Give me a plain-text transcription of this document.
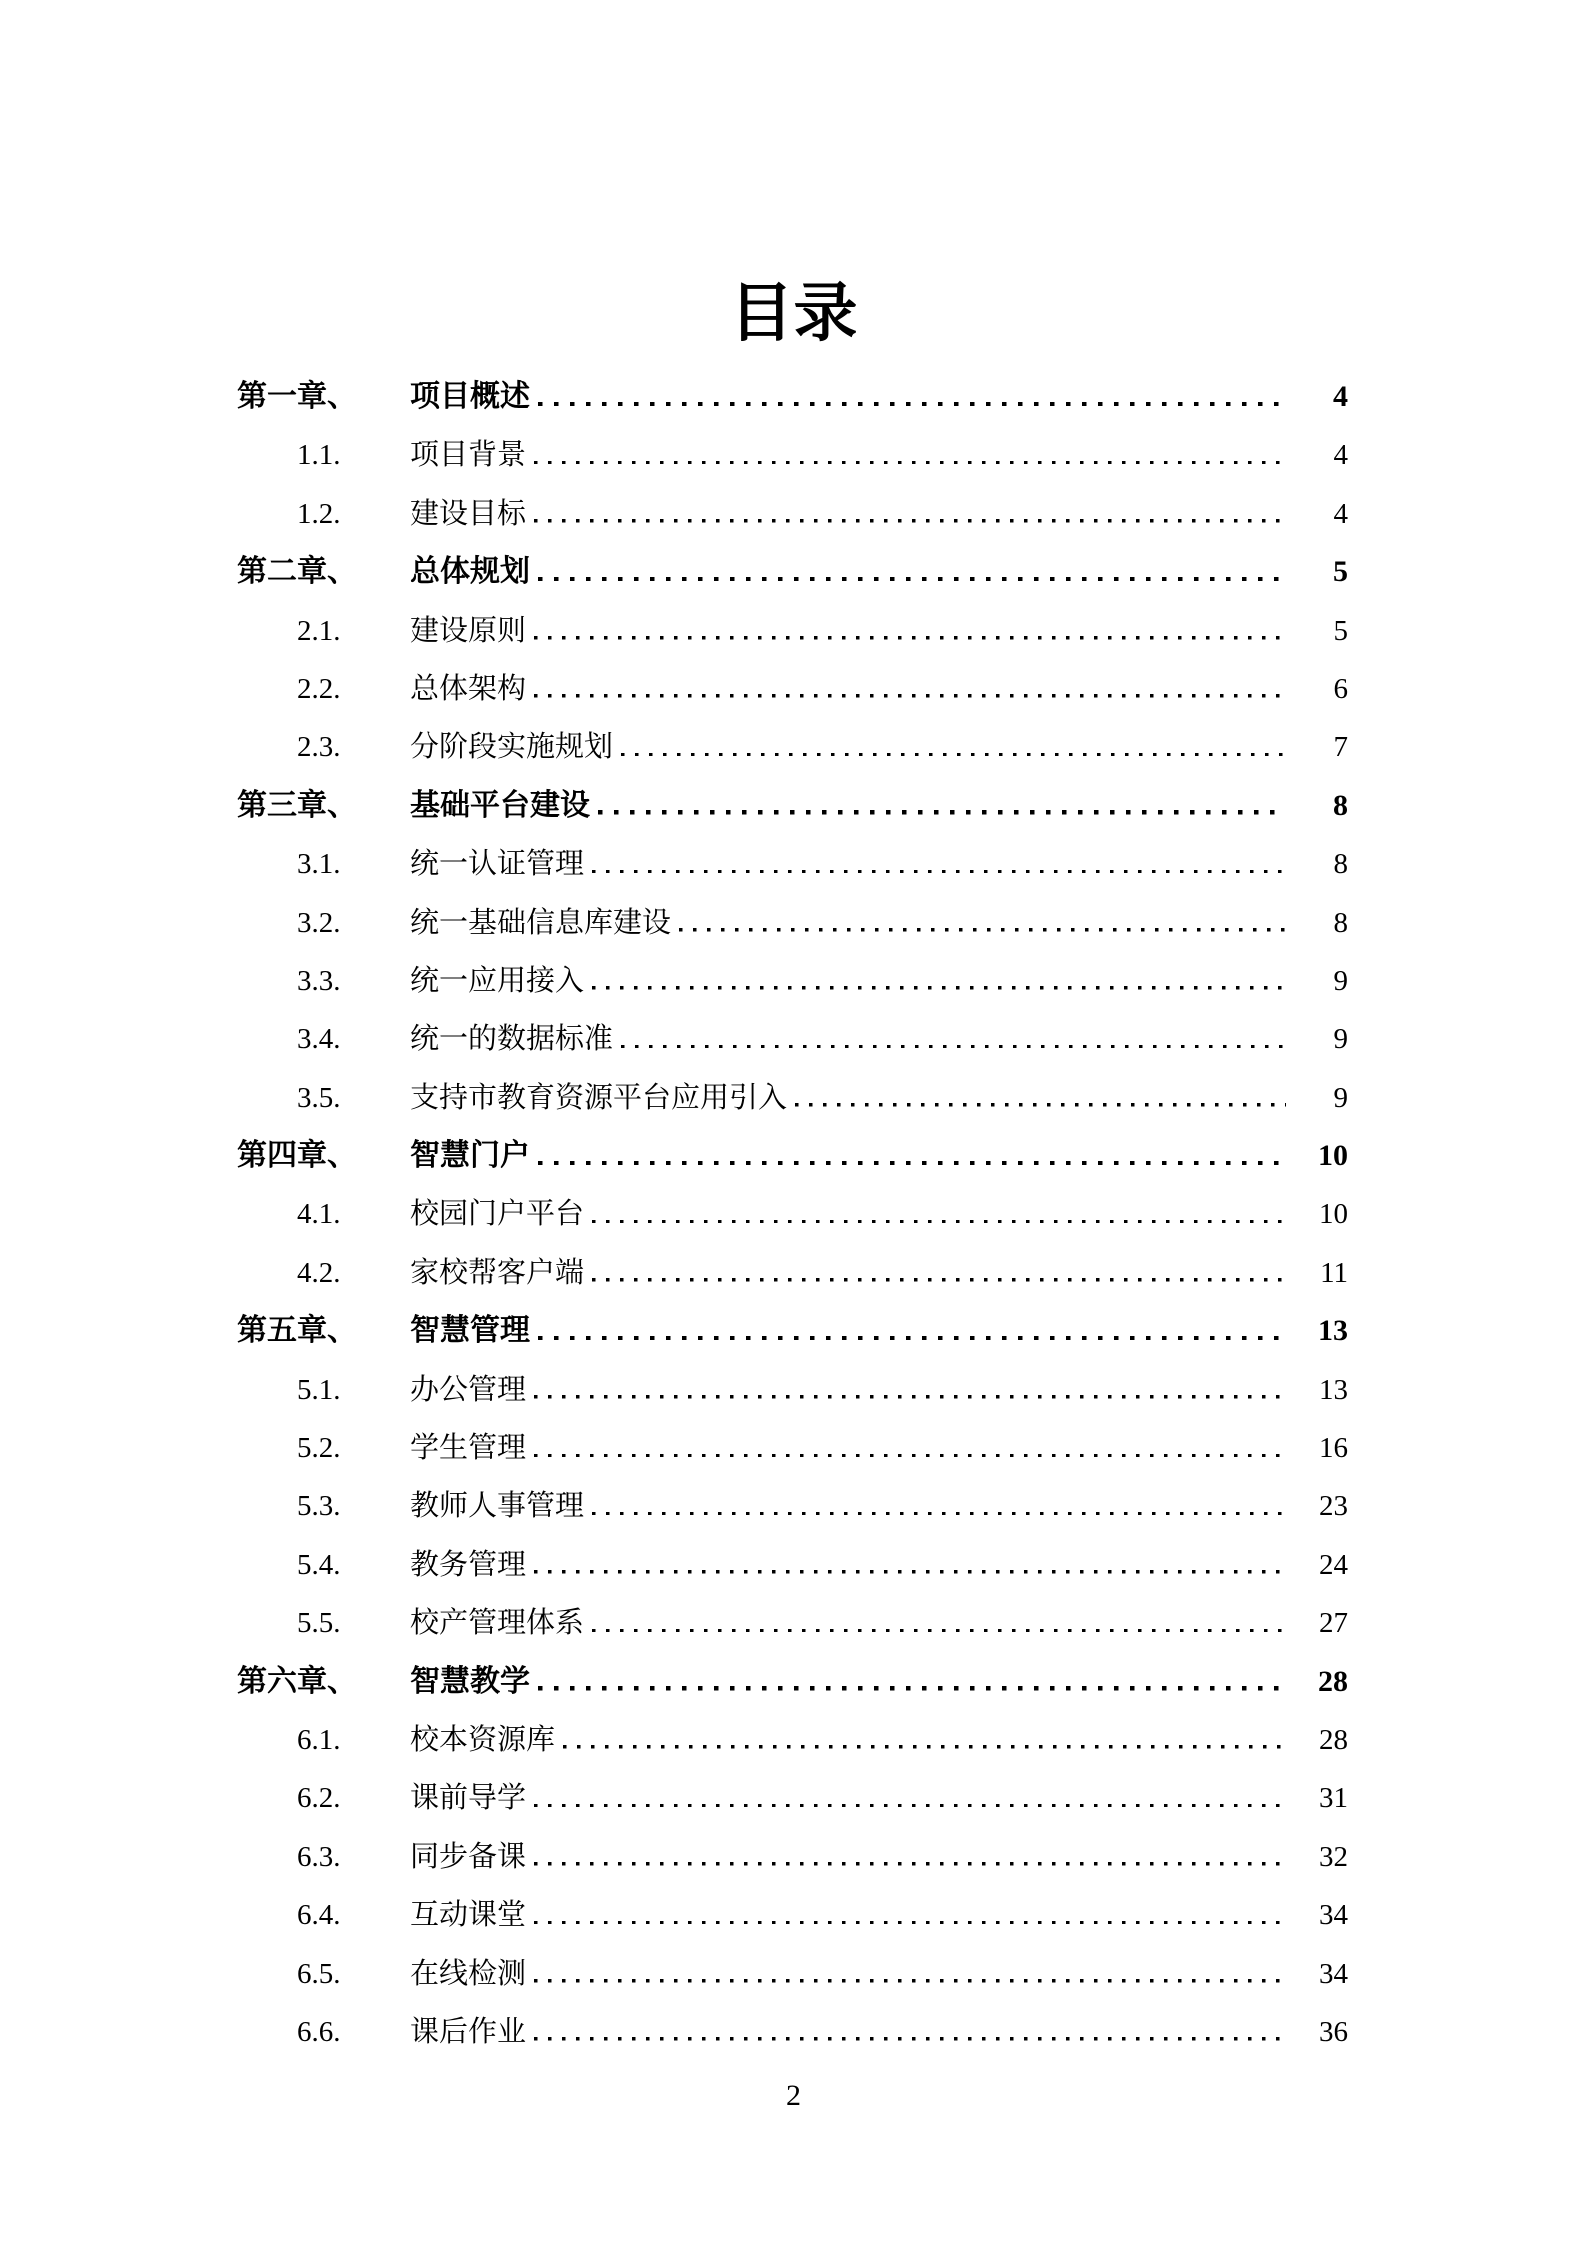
目录
第一章、	项目概述	4
1.1.	项目背景	4
1.2.	建设目标	4
第二章、	总体规划	5
2.1.	建设原则	5
2.2.	总体架构	6
2.3.	分阶段实施规划	7
第三章、	基础平台建设	8
3.1.	统一认证管理	8
3.2.	统一基础信息库建设	8
3.3.	统一应用接入	9
3.4.	统一的数据标准	9
3.5.	支持市教育资源平台应用引入	9
第四章、	智慧门户	10
4.1.	校园门户平台	10
4.2.	家校帮客户端	11
第五章、	智慧管理	13
5.1.	办公管理	13
5.2.	学生管理	16
5.3.	教师人事管理	23
5.4.	教务管理	24
5.5.	校产管理体系	27
第六章、	智慧教学	28
6.1.	校本资源库	28
6.2.	课前导学	31
6.3.	同步备课	32
6.4.	互动课堂	34
6.5.	在线检测	34
6.6.	课后作业	36
2
